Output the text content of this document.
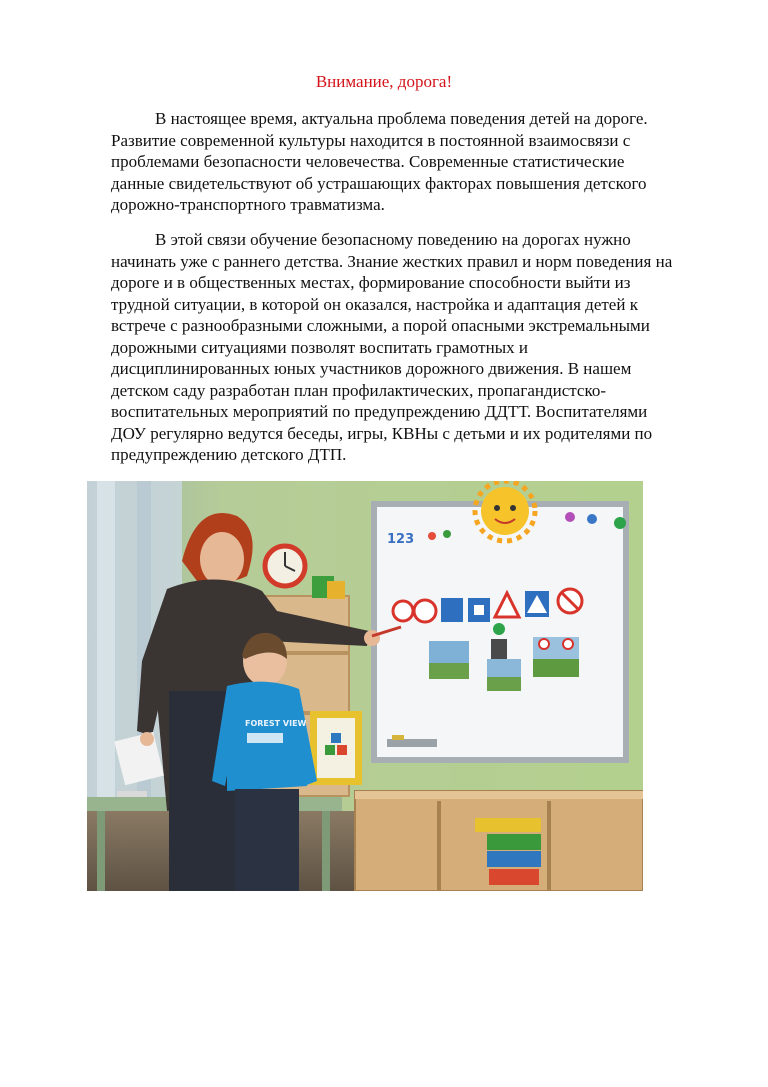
Внимание, дорога!

В настоящее время, актуальна проблема поведения детей на дороге.
Развитие современной культуры находится в постоянной взаимосвязи с
проблемами безопасности человечества. Современные статистические
данные свидетельствуют об устрашающих факторах повышения детского
дорожно-транспортного травматизма.

В этой связи обучение безопасному поведению на дорогах нужно
начинать уже с раннего детства. Знание жестких правил и норм поведения на
дороге и в общественных местах, формирование способности выйти из
трудной ситуации, в которой он оказался, настройка и адаптация детей к
встрече с разнообразными сложными, а порой опасными экстремальными
дорожными ситуациями позволят воспитать грамотных и
дисциплинированных юных участников дорожного движения. В нашем
детском саду разработан план профилактических, пропагандистско-
воспитательных мероприятий по предупреждению ДДТТ. Воспитателями
ДОУ регулярно ведутся беседы, игры, КВНы с детьми и их родителями по
предупреждению детского ДТП.

123
FOREST VIEW
